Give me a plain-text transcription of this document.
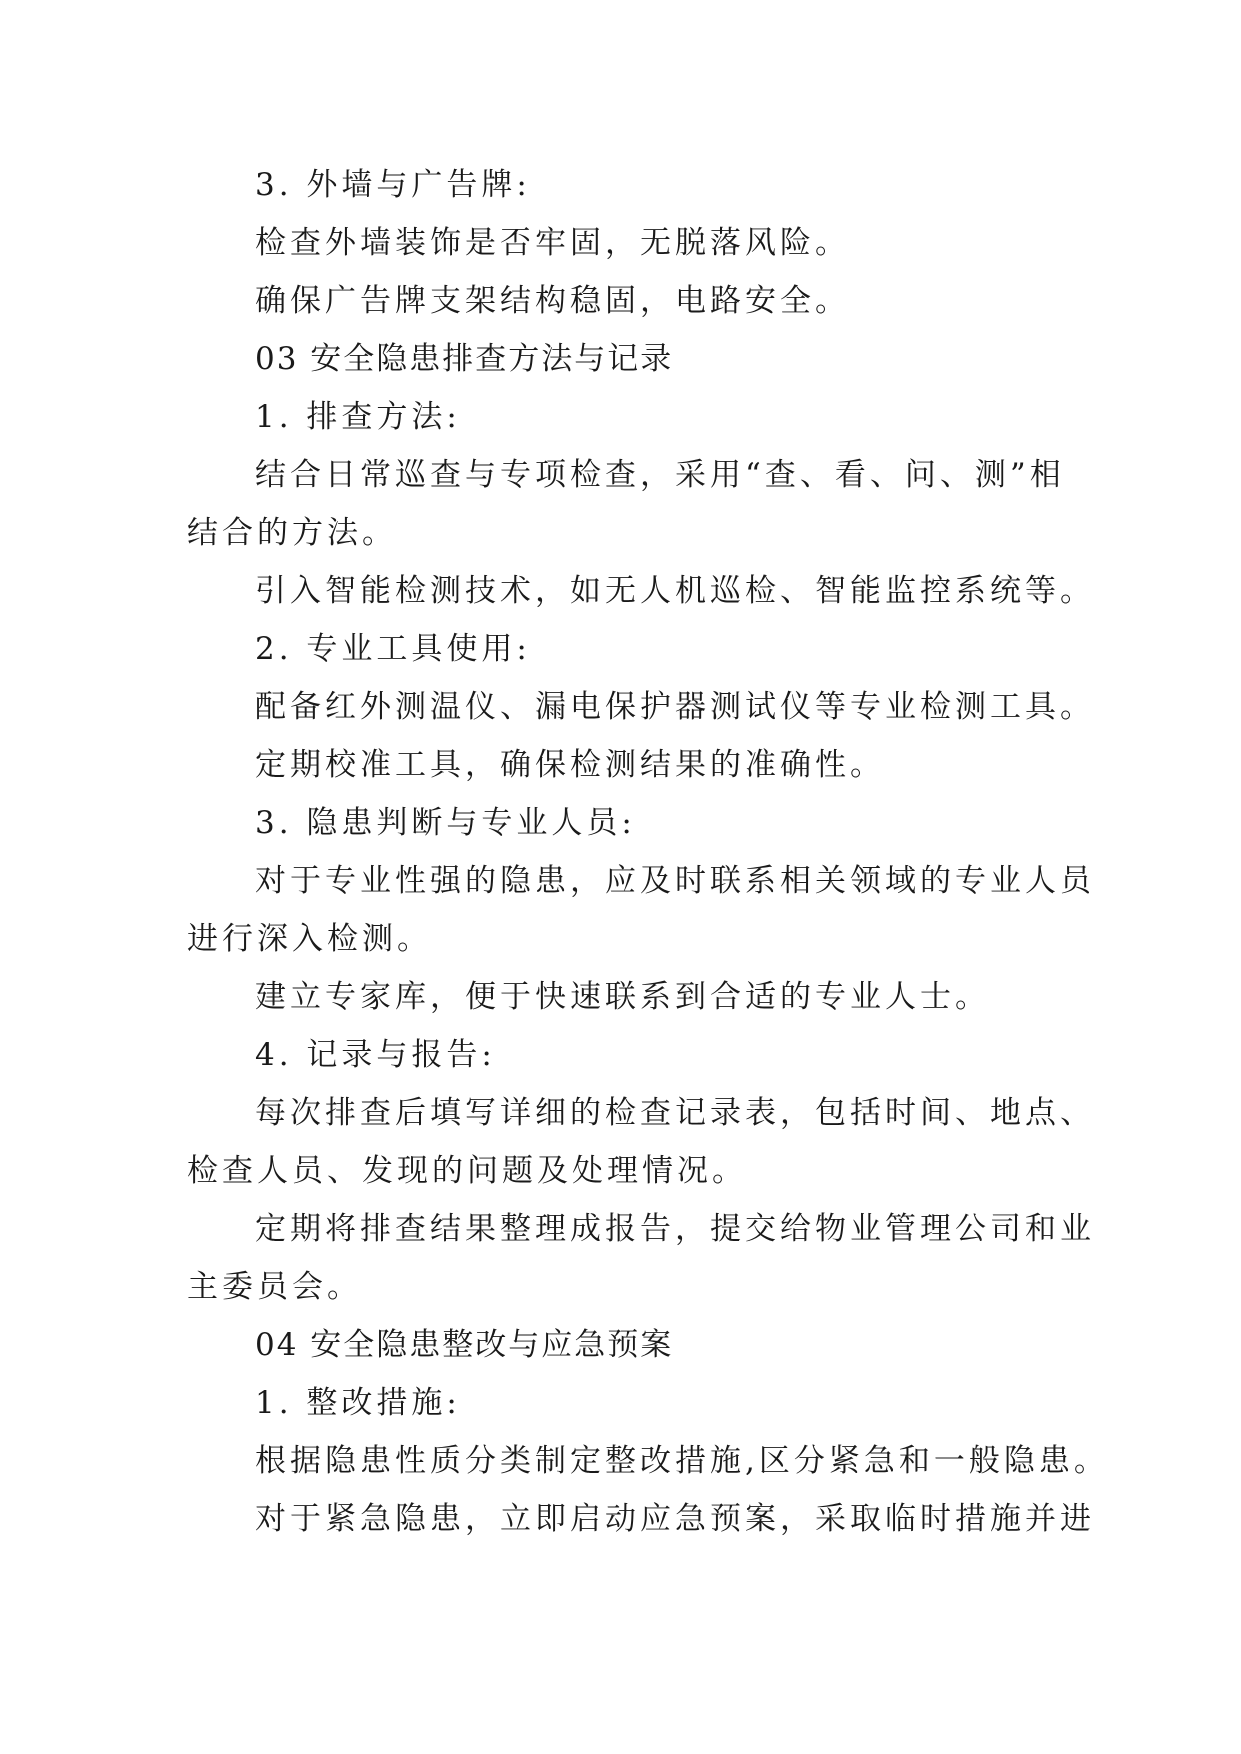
3. 外墙与广告牌:
检查外墙装饰是否牢固，无脱落风险。
确保广告牌支架结构稳固，电路安全。
03 安全隐患排查方法与记录
1. 排查方法:
结合日常巡查与专项检查，采用“查、看、问、测”相
结合的方法。
引入智能检测技术，如无人机巡检、智能监控系统等。
2. 专业工具使用:
配备红外测温仪、漏电保护器测试仪等专业检测工具。
定期校准工具，确保检测结果的准确性。
3. 隐患判断与专业人员:
对于专业性强的隐患，应及时联系相关领域的专业人员
进行深入检测。
建立专家库，便于快速联系到合适的专业人士。
4. 记录与报告:
每次排查后填写详细的检查记录表，包括时间、地点、
检查人员、发现的问题及处理情况。
定期将排查结果整理成报告，提交给物业管理公司和业
主委员会。
04 安全隐患整改与应急预案
1. 整改措施:
根据隐患性质分类制定整改措施,区分紧急和一般隐患。
对于紧急隐患，立即启动应急预案，采取临时措施并进
